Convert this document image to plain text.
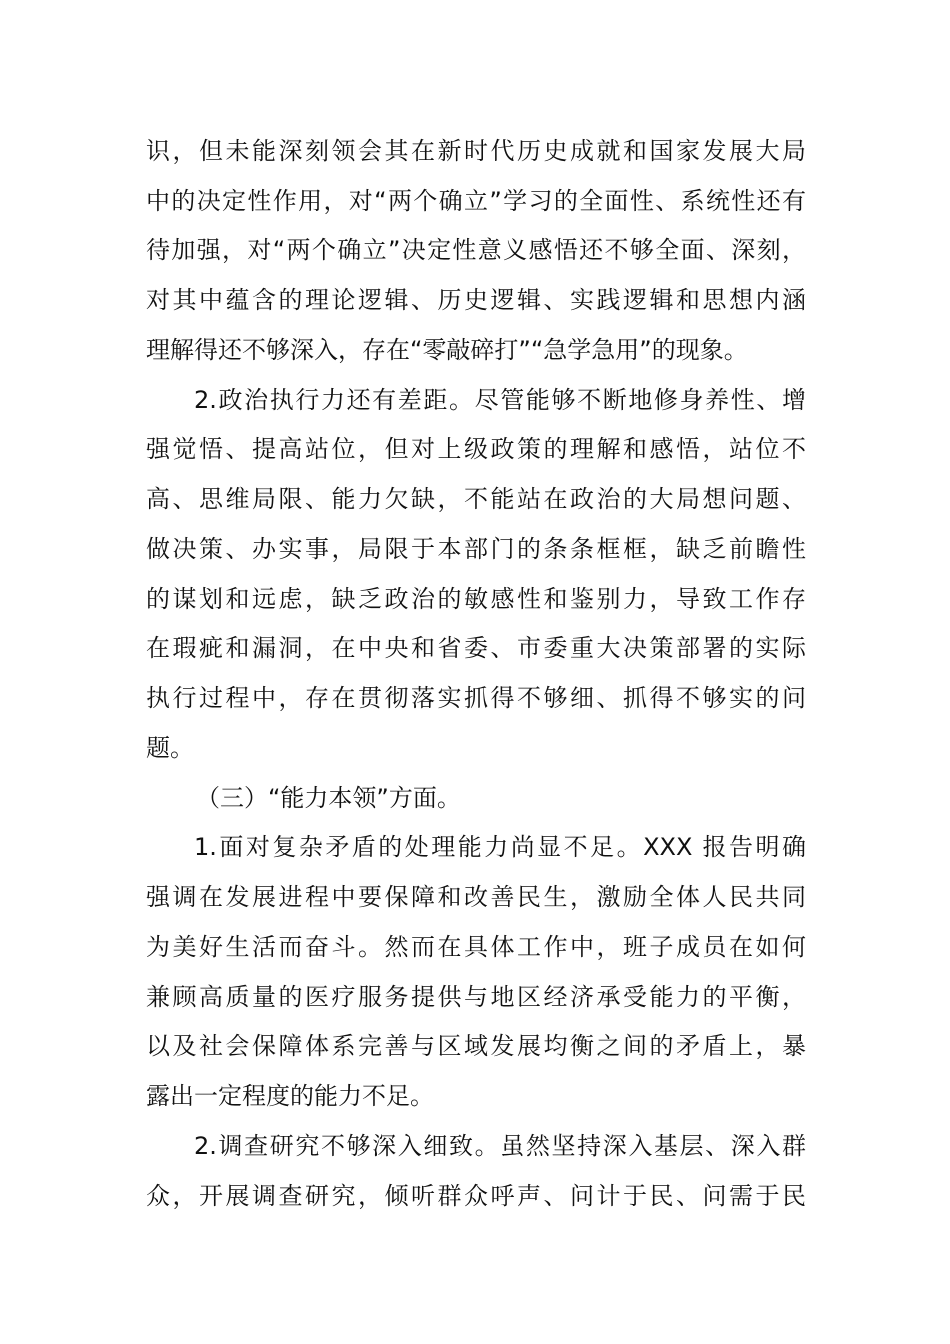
识，但未能深刻领会其在新时代历史成就和国家发展大局
中的决定性作用，对“两个确立”学习的全面性、系统性还有
待加强，对“两个确立”决定性意义感悟还不够全面、深刻，
对其中蕴含的理论逻辑、历史逻辑、实践逻辑和思想内涵
理解得还不够深入，存在“零敲碎打”“急学急用”的现象。
2.政治执行力还有差距。尽管能够不断地修身养性、增
强觉悟、提高站位，但对上级政策的理解和感悟，站位不
高、思维局限、能力欠缺，不能站在政治的大局想问题、
做决策、办实事，局限于本部门的条条框框，缺乏前瞻性
的谋划和远虑，缺乏政治的敏感性和鉴别力，导致工作存
在瑕疵和漏洞，在中央和省委、市委重大决策部署的实际
执行过程中，存在贯彻落实抓得不够细、抓得不够实的问
题。
（三）“能力本领”方面。
1.面对复杂矛盾的处理能力尚显不足。XXX 报告明确
强调在发展进程中要保障和改善民生，激励全体人民共同
为美好生活而奋斗。然而在具体工作中，班子成员在如何
兼顾高质量的医疗服务提供与地区经济承受能力的平衡，
以及社会保障体系完善与区域发展均衡之间的矛盾上，暴
露出一定程度的能力不足。
2.调查研究不够深入细致。虽然坚持深入基层、深入群
众，开展调查研究，倾听群众呼声、问计于民、问需于民
